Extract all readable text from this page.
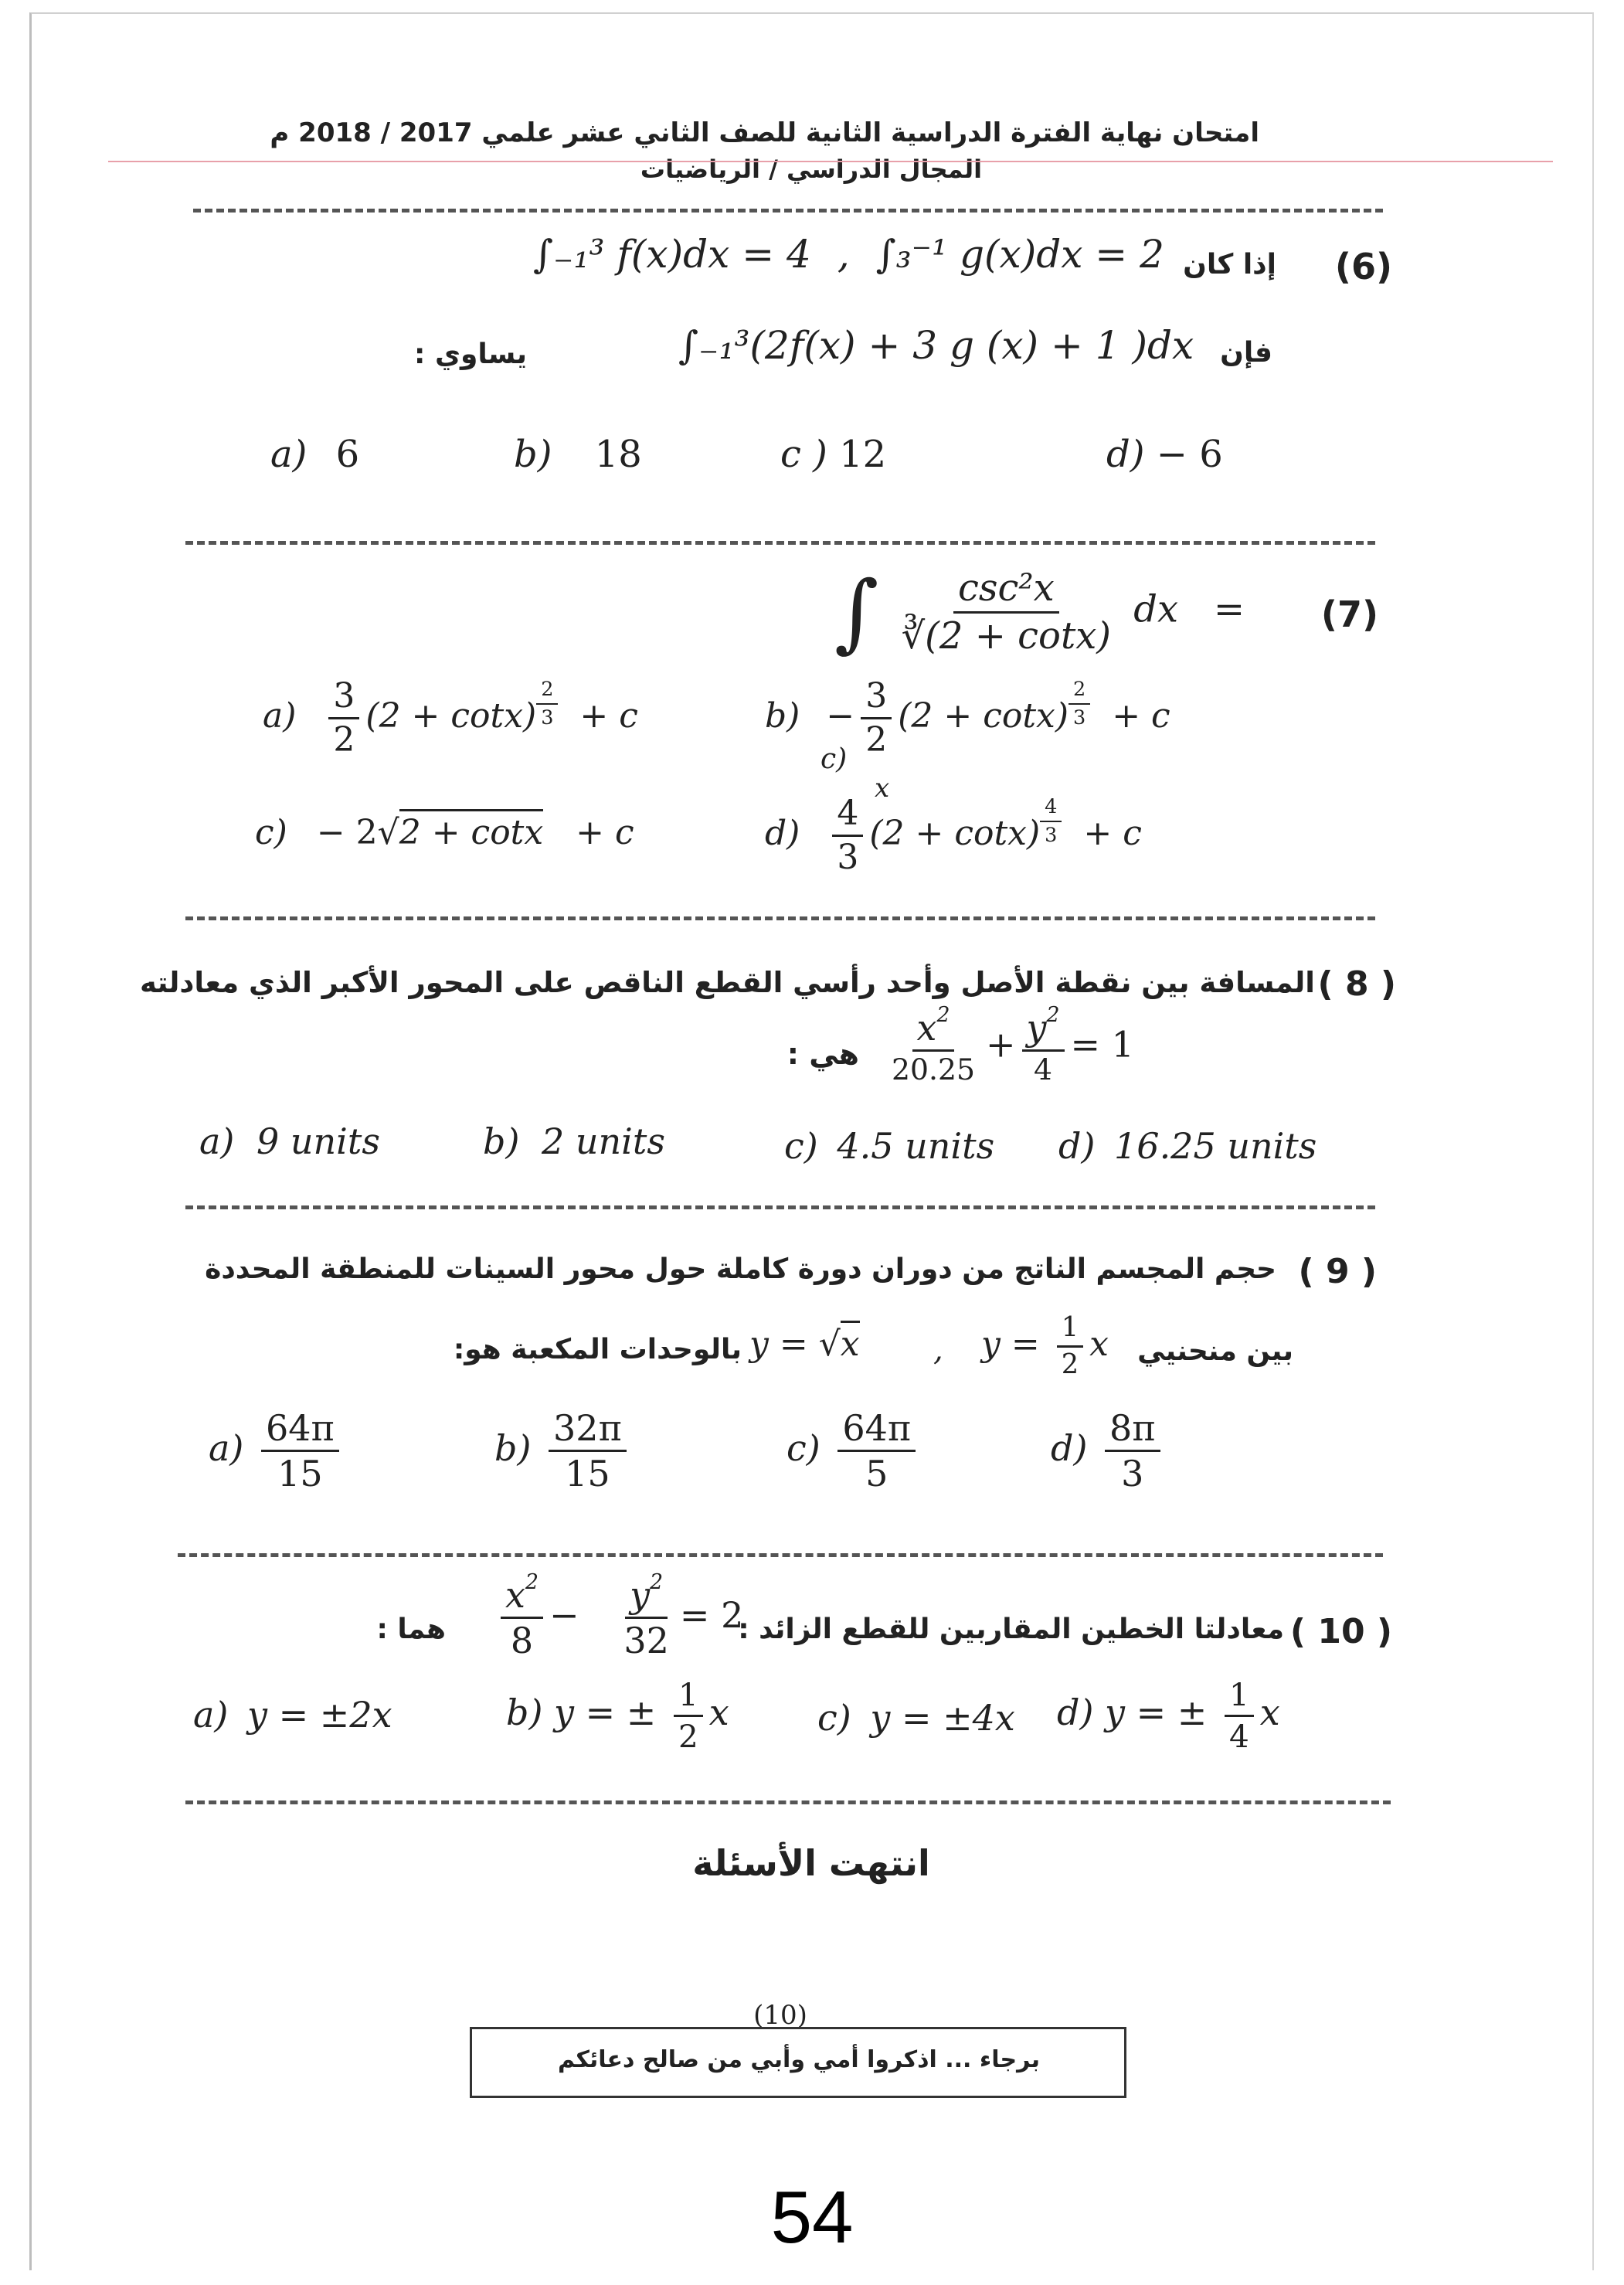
امتحان نهاية الفترة الدراسية الثانية للصف الثاني عشر علمي 2017 / 2018 م
المجال الدراسي / الرياضيات
(6)
إذا كان
∫₋₁³ f(x)dx = 4 , ∫₃⁻¹ g(x)dx = 2
فإن
∫₋₁³(2f(x) + 3 g (x) + 1 )dx
يساوي :
a) 6	b) 18	c ) 12	d) − 6
(7)
∫ $\frac{\text{csc²x}}{∛(2 + \cot x)}$ dx   =
$a) \frac{3}{2} (2 + \cot x) ^{\frac{2}{3}} + c$	$b) - \frac{3}{2} (2 + \cot x) ^{\frac{2}{3}} + c$
c)
x
c) − 2√2 + cotx   + c	$d) \frac{4}{3} (2 + \cot x) ^{\frac{4}{3}} + c$
( 8 )
المسافة بين نقطة الأصل وأحد رأسي القطع الناقص على المحور الأكبر الذي معادلته
هي : $\frac{x^2}{20.25} + \frac{y^2}{4} = 1$
a) 9 units	b) 2 units	c) 4.5 units d) 16.25 units
( 9 )
حجم المجسم الناتج من دوران دورة كاملة حول محور السينات للمنطقة المحددة
بين منحنيي
$y = \frac{1}{2}$ x
,
y = √x
بالوحدات المكعبة هو:
$a) \frac{64\pi}{15}$	$b) \frac{32\pi}{15}$	$c) \frac{64\pi}{5}$	$d) \frac{8\pi}{3}$
( 10 )
معادلتا الخطين المقاربين للقطع الزائد :
$\frac{x^2}{8} - \frac{y^2}{32} = 2$
هما :
a) y = ±2x	b) y = ± $\frac{1}{2}$ x c) y = ±4x d) y = ± $\frac{1}{4}$ x
انتهت الأسئلة
(10)
برجاء ... اذكروا أمي وأبي من صالح دعائكم
54
